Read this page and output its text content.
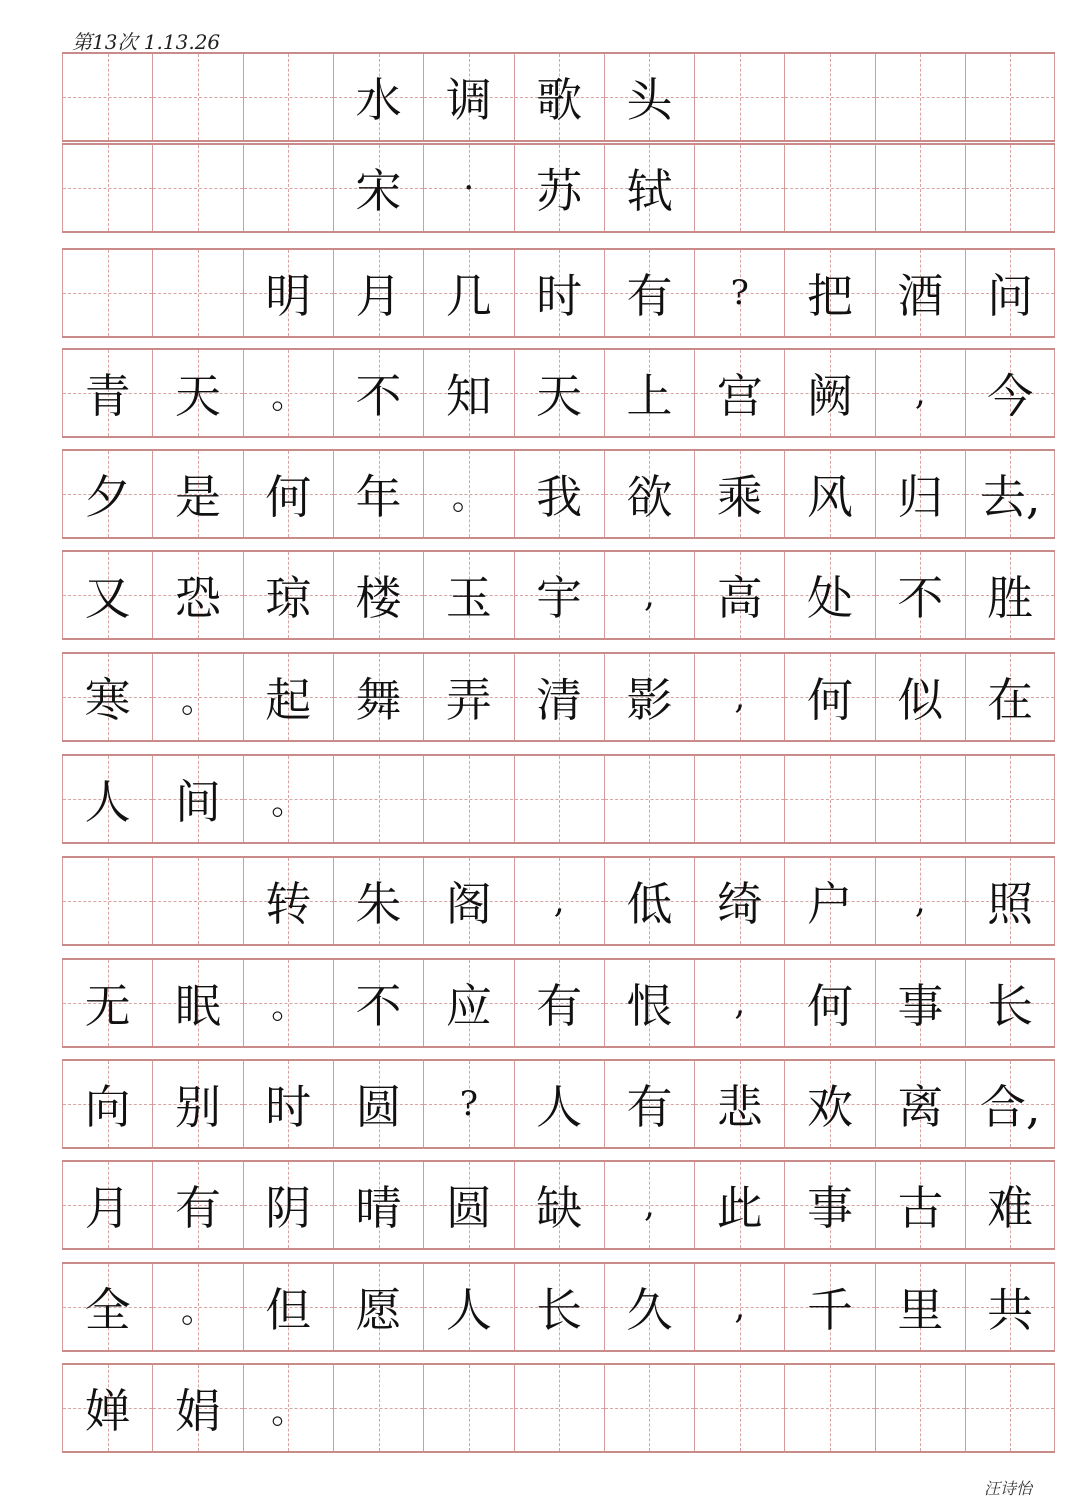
第13次 1.13.26
水 调 歌 头
宋	·	苏 轼
明 月 几 时 有	?	把 酒 问
青 天	。	不 知 天 上 宫 阙	,	今
夕 是 何 年	。	我 欲 乘 风 归 去,
又 恐 琼 楼 玉 宇	,	高 处 不 胜
寒	。	起 舞 弄 清 影	,	何 似 在
人 间	。
转 朱 阁	,	低 绮 户	,	照
无 眠	。	不 应 有 恨	,	何 事 长
向 别 时 圆	?	人 有 悲 欢 离 合,
月 有 阴 晴 圆 缺	,	此 事 古 难
全	。	但 愿 人 长 久	,	千 里 共
婵 娟	。
汪诗怡
